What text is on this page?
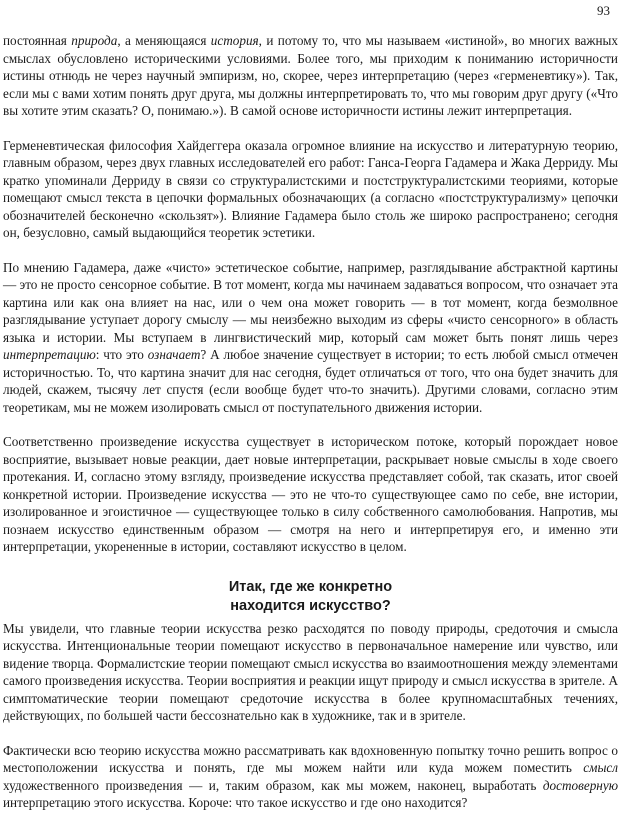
93

постоянная природа, а меняющаяся история, и потому то, что мы называем «истиной», во многих важных смыслах обусловлено историческими условиями. Более того, мы приходим к пониманию историчности истины отнюдь не через научный эмпиризм, но, скорее, через интерпретацию (через «герменевтику»). Так, если мы с вами хотим понять друг друга, мы должны интерпретировать то, что мы говорим друг другу («Что вы хотите этим сказать? О, понимаю.»). В самой основе историчности истины лежит интерпретация.

Герменевтическая философия Хайдеггера оказала огромное влияние на искусство и литературную теорию, главным образом, через двух главных исследователей его работ: Ганса-Георга Гадамера и Жака Дерриду. Мы кратко упоминали Дерриду в связи со структуралистскими и постструктуралистскими теориями, которые помещают смысл текста в цепочки формальных обозначающих (а согласно «постструктурализму» цепочки обозначителей бесконечно «скользят»). Влияние Гадамера было столь же широко распространено; сегодня он, безусловно, самый выдающийся теоретик эстетики.

По мнению Гадамера, даже «чисто» эстетическое событие, например, разглядывание абстрактной картины — это не просто сенсорное событие. В тот момент, когда мы начинаем задаваться вопросом, что означает эта картина или как она влияет на нас, или о чем она может говорить — в тот момент, когда безмолвное разглядывание уступает дорогу смыслу — мы неизбежно выходим из сферы «чисто сенсорного» в область языка и истории. Мы вступаем в лингвистический мир, который сам может быть понят лишь через интерпретацию: что это означает? А любое значение существует в истории; то есть любой смысл отмечен историчностью. То, что картина значит для нас сегодня, будет отличаться от того, что она будет значить для людей, скажем, тысячу лет спустя (если вообще будет что-то значить). Другими словами, согласно этим теоретикам, мы не можем изолировать смысл от поступательного движения истории.

Соответственно произведение искусства существует в историческом потоке, который порождает новое восприятие, вызывает новые реакции, дает новые интерпретации, раскрывает новые смыслы в ходе своего протекания. И, согласно этому взгляду, произведение искусства представляет собой, так сказать, итог своей конкретной истории. Произведение искусства — это не что-то существующее само по себе, вне истории, изолированное и эгоистичное — существующее только в силу собственного самолюбования. Напротив, мы познаем искусство единственным образом — смотря на него и интерпретируя его, и именно эти интерпретации, укорененные в истории, составляют искусство в целом.

Итак, где же конкретно
находится искусство?

Мы увидели, что главные теории искусства резко расходятся по поводу природы, средоточия и смысла искусства. Интенциональные теории помещают искусство в первоначальное намерение или чувство, или видение творца. Формалистские теории помещают смысл искусства во взаимоотношения между элементами самого произведения искусства. Теории восприятия и реакции ищут природу и смысл искусства в зрителе. А симптоматические теории помещают средоточие искусства в более крупномасштабных течениях, действующих, по большей части бессознательно как в художнике, так и в зрителе.

Фактически всю теорию искусства можно рассматривать как вдохновенную попытку точно решить вопрос о местоположении искусства и понять, где мы можем найти или куда можем поместить смысл художественного произведения — и, таким образом, как мы можем, наконец, выработать достоверную интерпретацию этого искусства. Короче: что такое искусство и где оно находится?
